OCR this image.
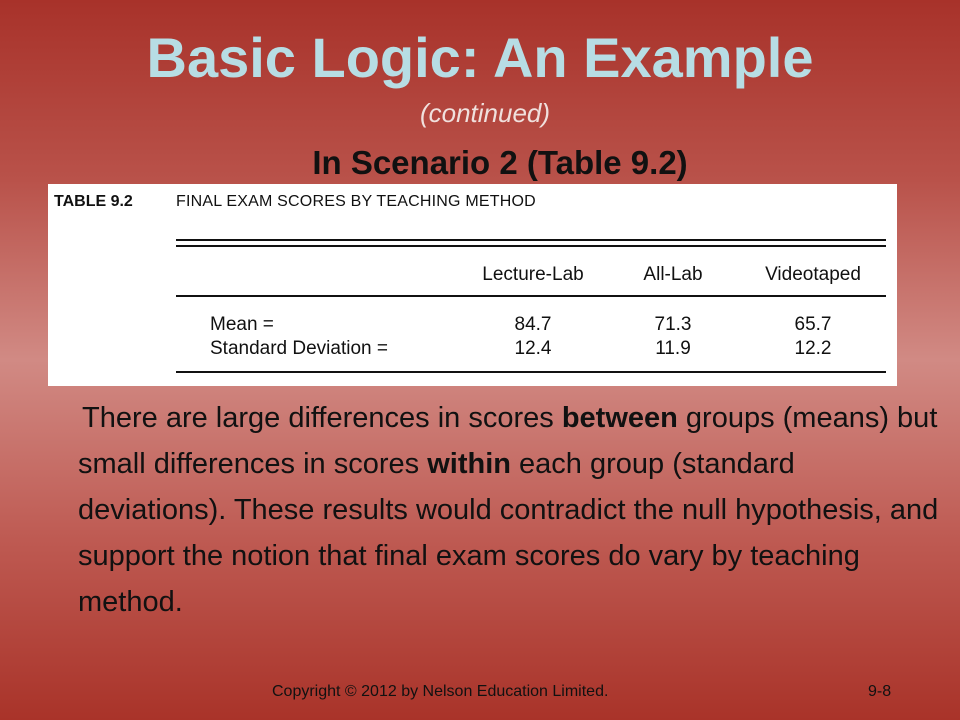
Basic Logic: An Example
(continued)
In Scenario 2 (Table 9.2)
TABLE 9.2	FINAL EXAM SCORES BY TEACHING METHOD
Lecture-Lab	All-Lab	Videotaped
Mean =	84.7	71.3	65.7
Standard Deviation =	12.4	11.9	12.2
There are large differences in scores between groups (means) but small differences in scores within each group (standard deviations). These results would contradict the null hypothesis, and support the notion that final exam scores do vary by teaching method.
Copyright © 2012 by Nelson Education Limited.	9-8
